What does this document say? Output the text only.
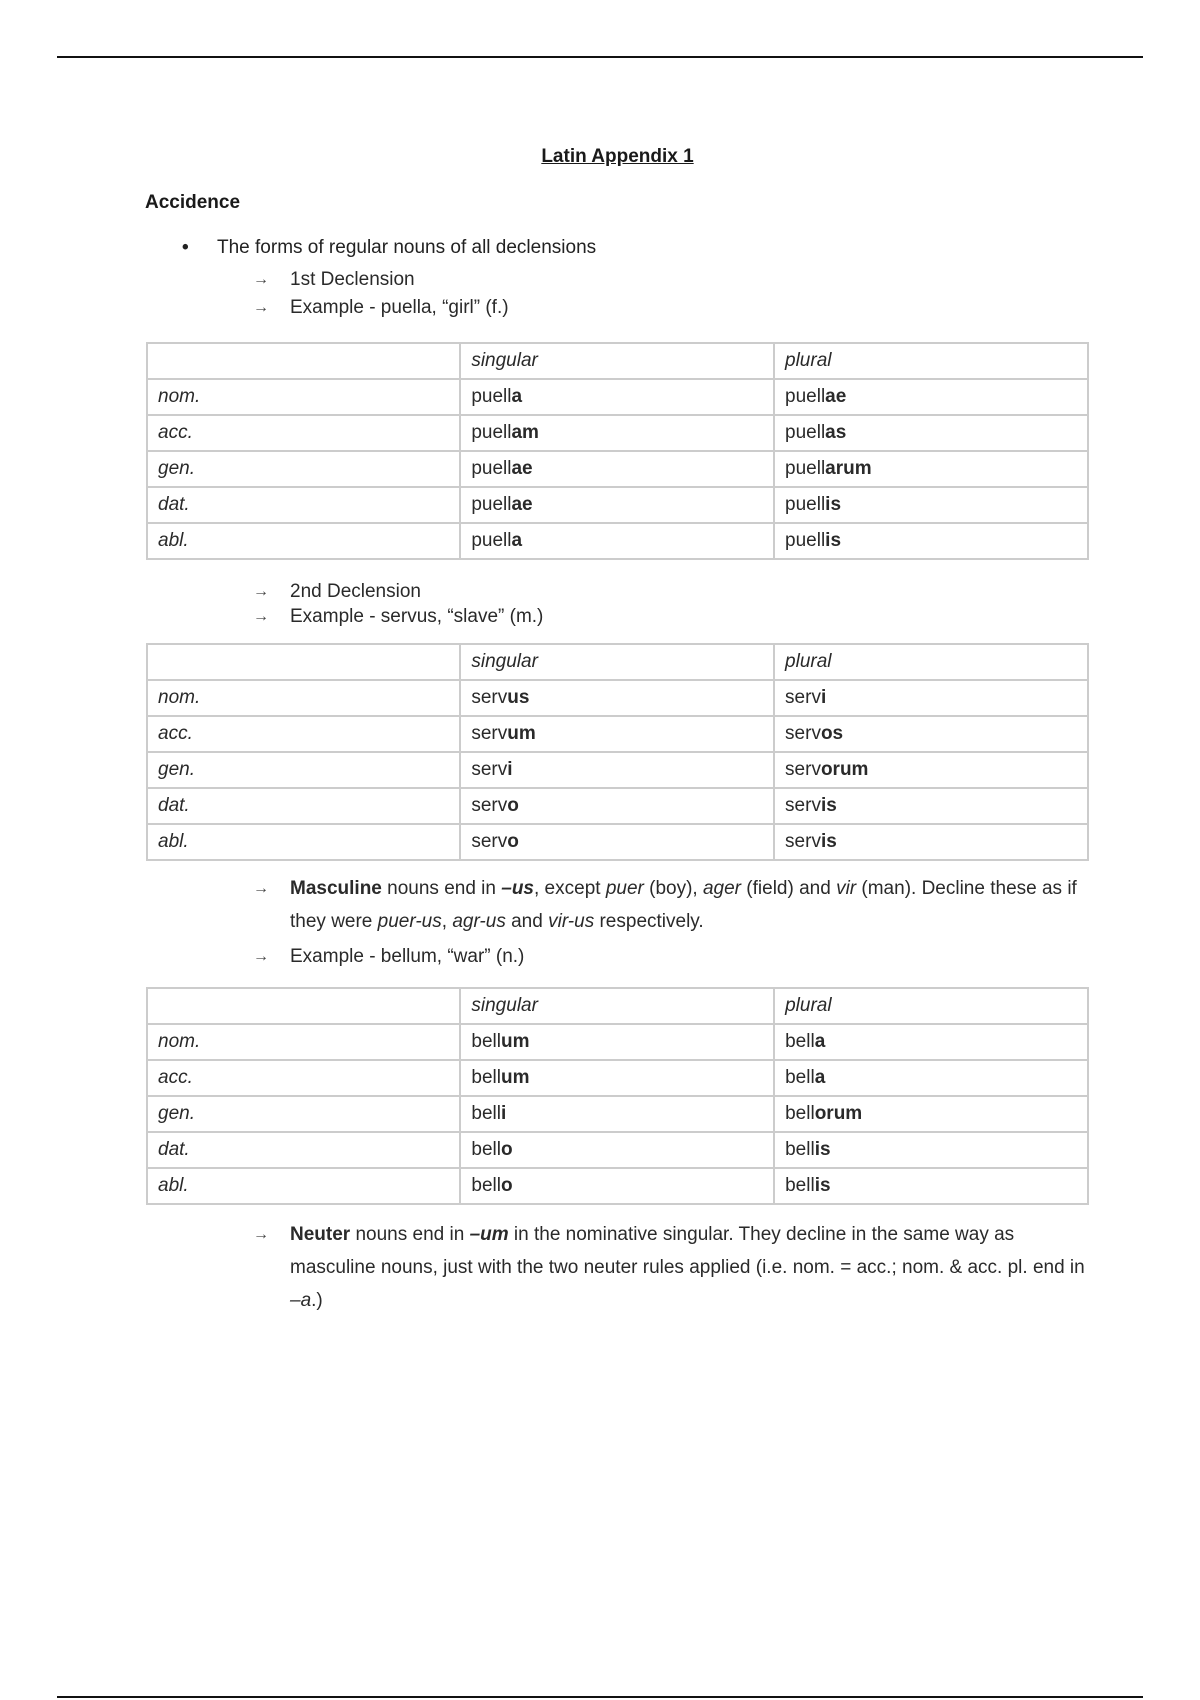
Latin Appendix 1
Accidence
• The forms of regular nouns of all declensions
→ 1st Declension
→ Example - puella, “girl” (f.)
	singular	plural
nom.	puella	puellae
acc.	puellam	puellas
gen.	puellae	puellarum
dat.	puellae	puellis
abl.	puella	puellis
→ 2nd Declension
→ Example - servus, “slave” (m.)
	singular	plural
nom.	servus	servi
acc.	servum	servos
gen.	servi	servorum
dat.	servo	servis
abl.	servo	servis
→ Masculine nouns end in –us, except puer (boy), ager (field) and vir (man). Decline these as if they were puer-us, agr-us and vir-us respectively.
→ Example - bellum, “war” (n.)
	singular	plural
nom.	bellum	bella
acc.	bellum	bella
gen.	belli	bellorum
dat.	bello	bellis
abl.	bello	bellis
→ Neuter nouns end in –um in the nominative singular. They decline in the same way as masculine nouns, just with the two neuter rules applied (i.e. nom. = acc.; nom. & acc. pl. end in –a.)
